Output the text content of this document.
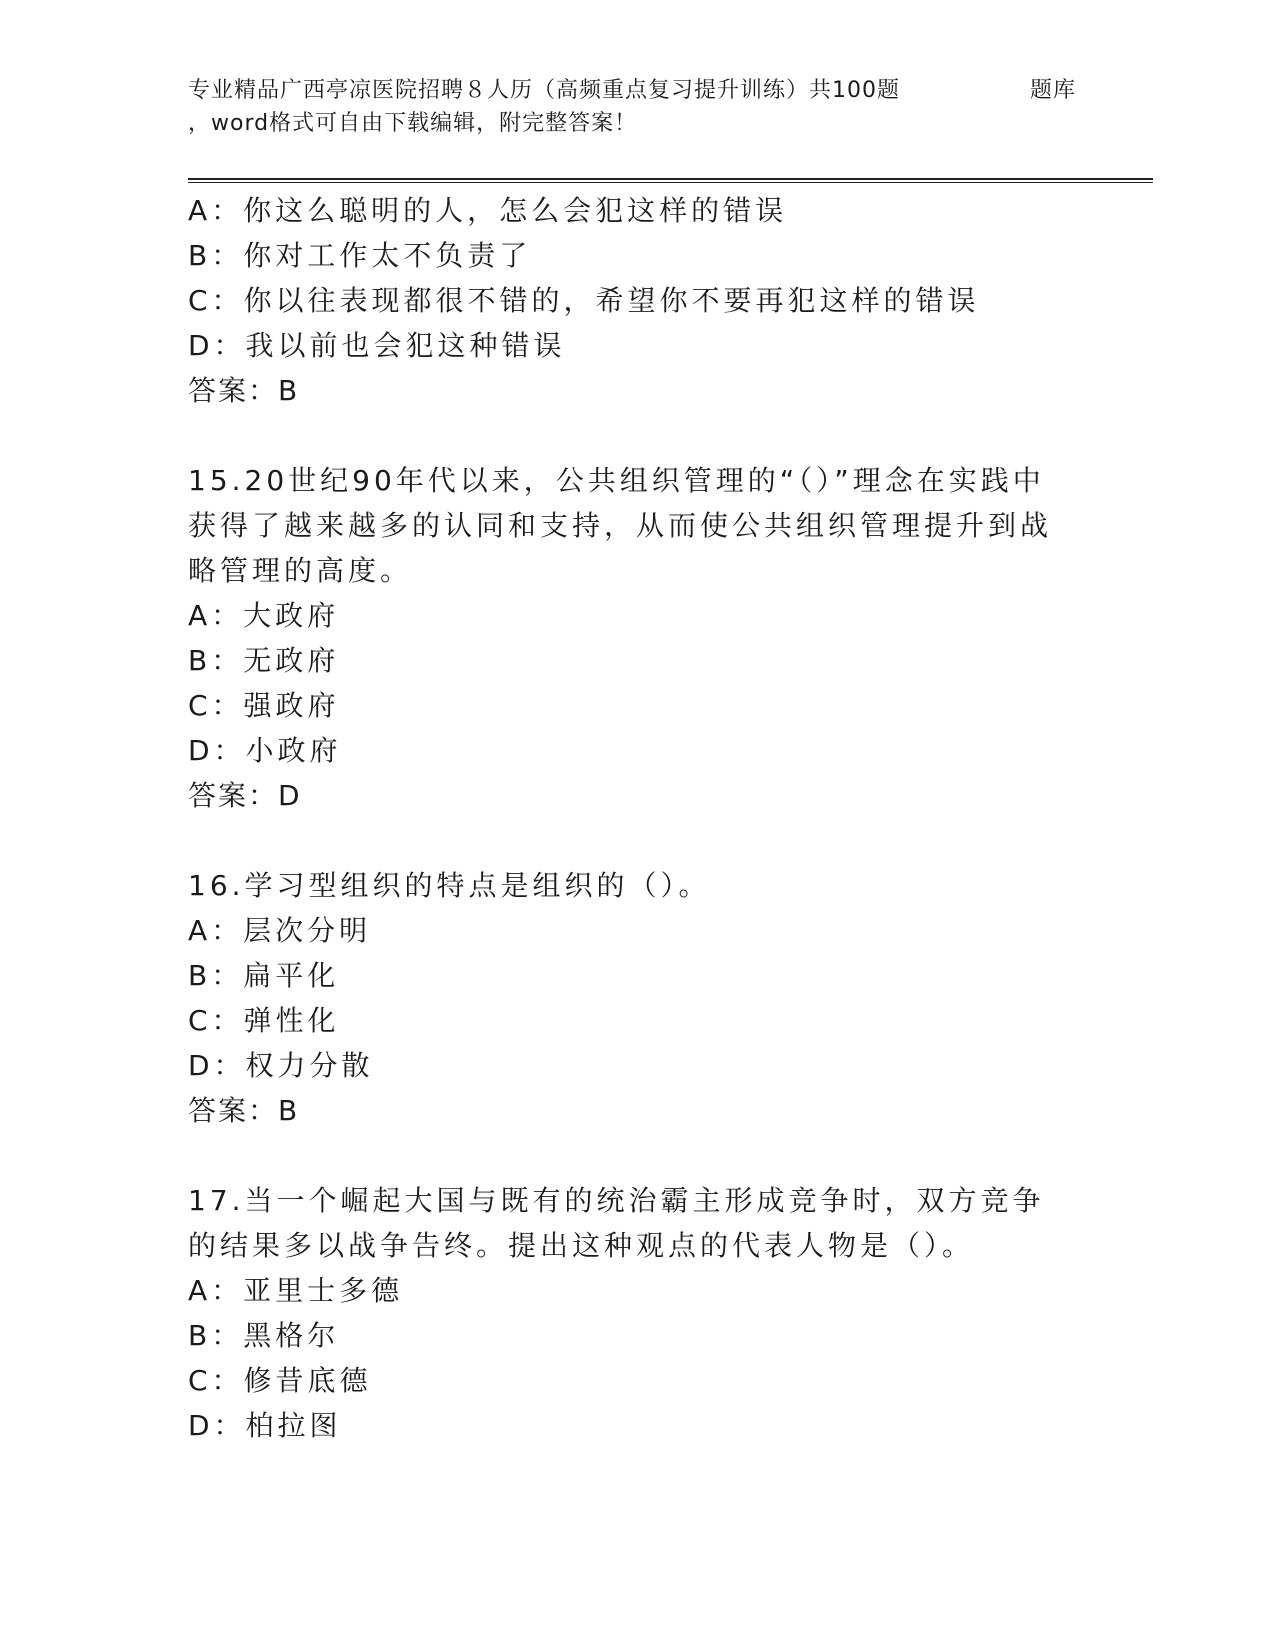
专业精品广西亭凉医院招聘８人历（高频重点复习提升训练）共100题	题库
，word格式可自由下载编辑，附完整答案！
A：你这么聪明的人，怎么会犯这样的错误
B：你对工作太不负责了
C：你以往表现都很不错的，希望你不要再犯这样的错误
D：我以前也会犯这种错误
答案：B
15.20世纪90年代以来，公共组织管理的“（）”理念在实践中获得了越来越多的认同和支持，从而使公共组织管理提升到战略管理的高度。
A：大政府
B：无政府
C：强政府
D：小政府
答案：D
16.学习型组织的特点是组织的（）。
A：层次分明
B：扁平化
C：弹性化
D：权力分散
答案：B
17.当一个崛起大国与既有的统治霸主形成竞争时，双方竞争的结果多以战争告终。提出这种观点的代表人物是（）。
A：亚里士多德
B：黑格尔
C：修昔底德
D：柏拉图
